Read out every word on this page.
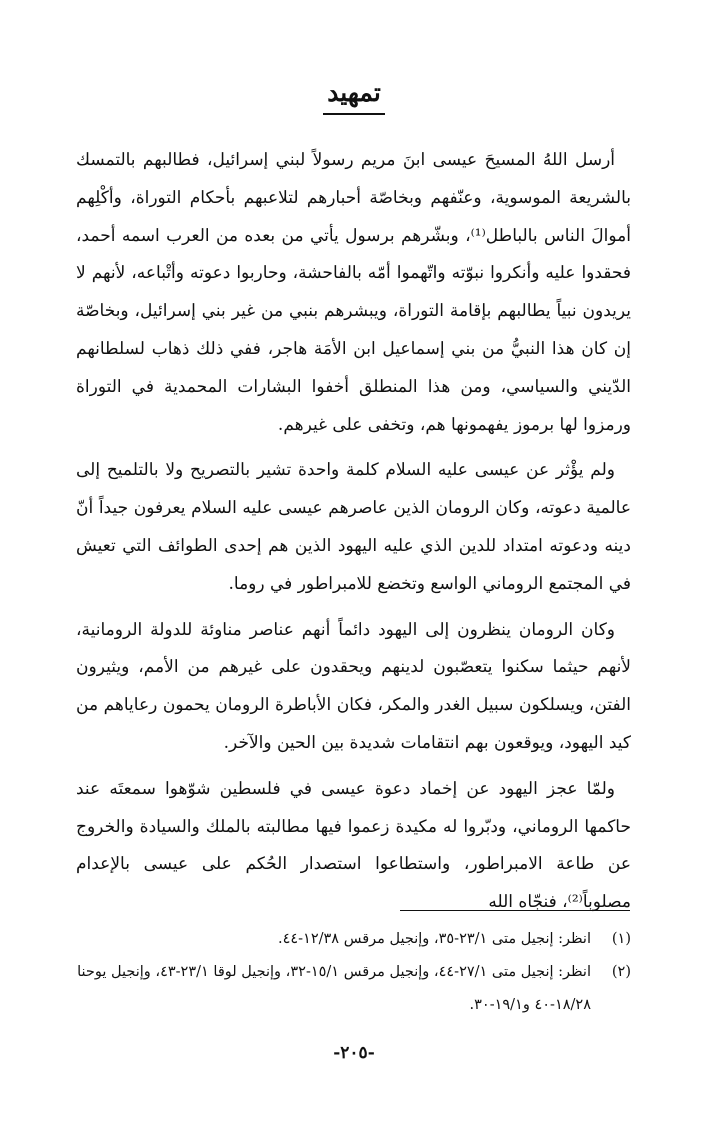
تمهيد

أرسل اللهُ المسيحَ عيسى ابنَ مريم رسولاً لبني إسرائيل، فطالبهم بالتمسك بالشريعة الموسوية، وعنّفهم وبخاصّة أحبارهم لتلاعبهم بأحكام التوراة، وأكْلِهم أموالَ الناس بالباطل⁽¹⁾، وبشّرهم برسول يأتي من بعده من العرب اسمه أحمد، فحقدوا عليه وأنكروا نبوّته واتّهموا أمّه بالفاحشة، وحاربوا دعوته وأتْباعه، لأنهم لا يريدون نبياً يطالبهم بإقامة التوراة، ويبشرهم بنبي من غير بني إسرائيل، وبخاصّة إن كان هذا النبيُّ من بني إسماعيل ابن الأمَة هاجر، ففي ذلك ذهاب لسلطانهم الدّيني والسياسي، ومن هذا المنطلق أخفوا البشارات المحمدية في التوراة ورمزوا لها برموز يفهمونها هم، وتخفى على غيرهم.

ولم يؤْثر عن عيسى عليه السلام كلمة واحدة تشير بالتصريح ولا بالتلميح إلى عالمية دعوته، وكان الرومان الذين عاصرهم عيسى عليه السلام يعرفون جيداً أنّ دينه ودعوته امتداد للدين الذي عليه اليهود الذين هم إحدى الطوائف التي تعيش في المجتمع الروماني الواسع وتخضع للامبراطور في روما.

وكان الرومان ينظرون إلى اليهود دائماً أنهم عناصر مناوئة للدولة الرومانية، لأنهم حيثما سكنوا يتعصّبون لدينهم ويحقدون على غيرهم من الأمم، ويثيرون الفتن، ويسلكون سبيل الغدر والمكر، فكان الأباطرة الرومان يحمون رعاياهم من كيد اليهود، ويوقعون بهم انتقامات شديدة بين الحين والآخر.

ولمّا عجز اليهود عن إخماد دعوة عيسى في فلسطين شوّهوا سمعتَه عند حاكمها الروماني، ودبّروا له مكيدة زعموا فيها مطالبته بالملك والسيادة والخروج عن طاعة الامبراطور، واستطاعوا استصدار الحُكم على عيسى بالإعدام مصلوباً⁽²⁾، فنجّاه الله

(١)
انظر: إنجيل متى ٢٣/١-٣٥، وإنجيل مرقس ١٢/٣٨-٤٤.
(٢)
انظر: إنجيل متى ٢٧/١-٤٤، وإنجيل مرقس ١٥/١-٣٢، وإنجيل لوقا ٢٣/١-٤٣، وإنجيل يوحنا ١٨/٢٨-٤٠ و١٩/١-٣٠.
-٢٠٥-
